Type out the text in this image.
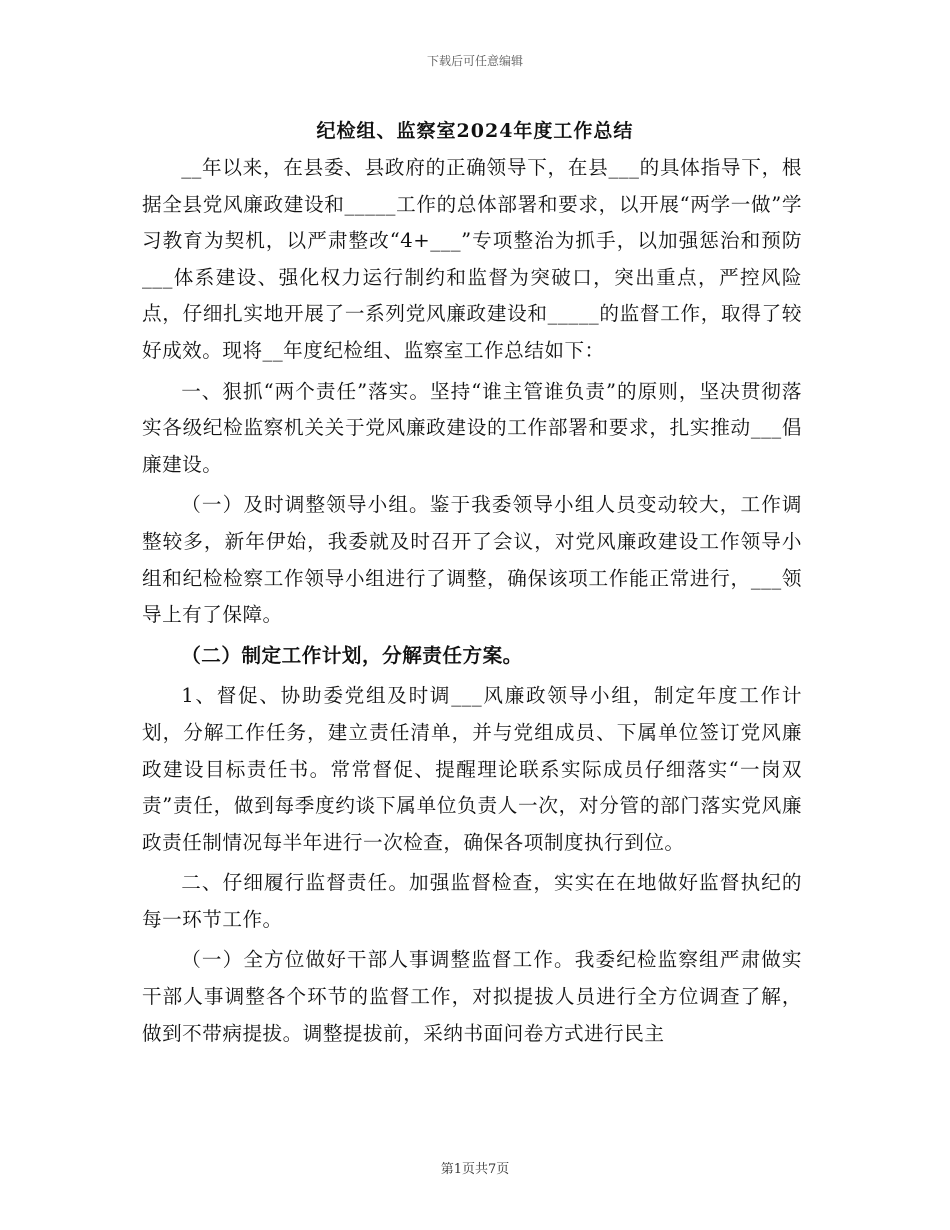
下载后可任意编辑
纪检组、监察室2024年度工作总结

__年以来，在县委、县政府的正确领导下，在县___的具体指导下，根据全县党风廉政建设和_____工作的总体部署和要求，以开展“两学一做”学习教育为契机，以严肃整改“4+___”专项整治为抓手，以加强惩治和预防___体系建设、强化权力运行制约和监督为突破口，突出重点，严控风险点，仔细扎实地开展了一系列党风廉政建设和_____的监督工作，取得了较好成效。现将__年度纪检组、监察室工作总结如下：

一、狠抓“两个责任”落实。坚持“谁主管谁负责”的原则，坚决贯彻落实各级纪检监察机关关于党风廉政建设的工作部署和要求，扎实推动___倡廉建设。

（一）及时调整领导小组。鉴于我委领导小组人员变动较大，工作调整较多，新年伊始，我委就及时召开了会议，对党风廉政建设工作领导小组和纪检检察工作领导小组进行了调整，确保该项工作能正常进行，___领导上有了保障。

（二）制定工作计划，分解责任方案。

1、督促、协助委党组及时调___风廉政领导小组，制定年度工作计划，分解工作任务，建立责任清单，并与党组成员、下属单位签订党风廉政建设目标责任书。常常督促、提醒理论联系实际成员仔细落实“一岗双责”责任，做到每季度约谈下属单位负责人一次，对分管的部门落实党风廉政责任制情况每半年进行一次检查，确保各项制度执行到位。

二、仔细履行监督责任。加强监督检查，实实在在地做好监督执纪的每一环节工作。

（一）全方位做好干部人事调整监督工作。我委纪检监察组严肃做实干部人事调整各个环节的监督工作，对拟提拔人员进行全方位调查了解，做到不带病提拔。调整提拔前，采纳书面问卷方式进行民主

第1页共7页
